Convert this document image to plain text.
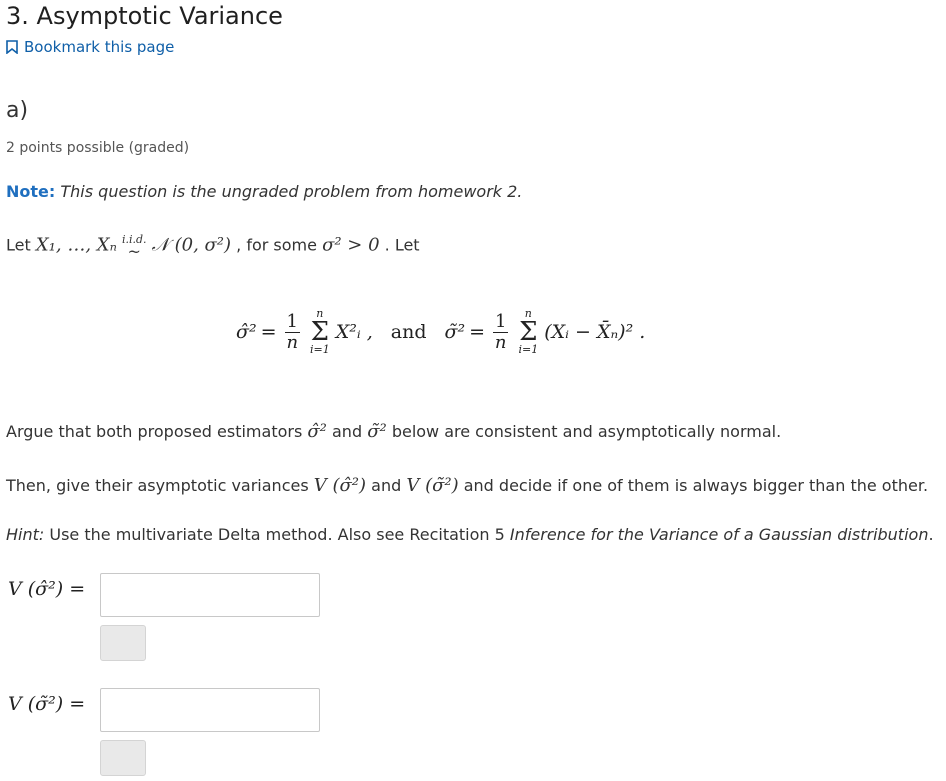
3. Asymptotic Variance
Bookmark this page
a)
2 points possible (graded)
Note: This question is the ungraded problem from homework 2.
Let X₁, …, Xₙ i.i.d.
~ 𝒩 (0, σ²) , for some σ² > 0 . Let
σ̂² = $\frac{1}{n}$ n
Σ
i=1
X²ᵢ , and σ̃² = $\frac{1}{n}$ n
Σ
i=1
(Xᵢ − X̄ₙ)² .
Argue that both proposed estimators σ̂² and σ̃² below are consistent and asymptotically normal.
Then, give their asymptotic variances V (σ̂²) and V (σ̃²) and decide if one of them is always bigger than the other.
Hint: Use the multivariate Delta method. Also see Recitation 5 Inference for the Variance of a Gaussian distribution.
V (σ̂²) =
V (σ̃²) =
